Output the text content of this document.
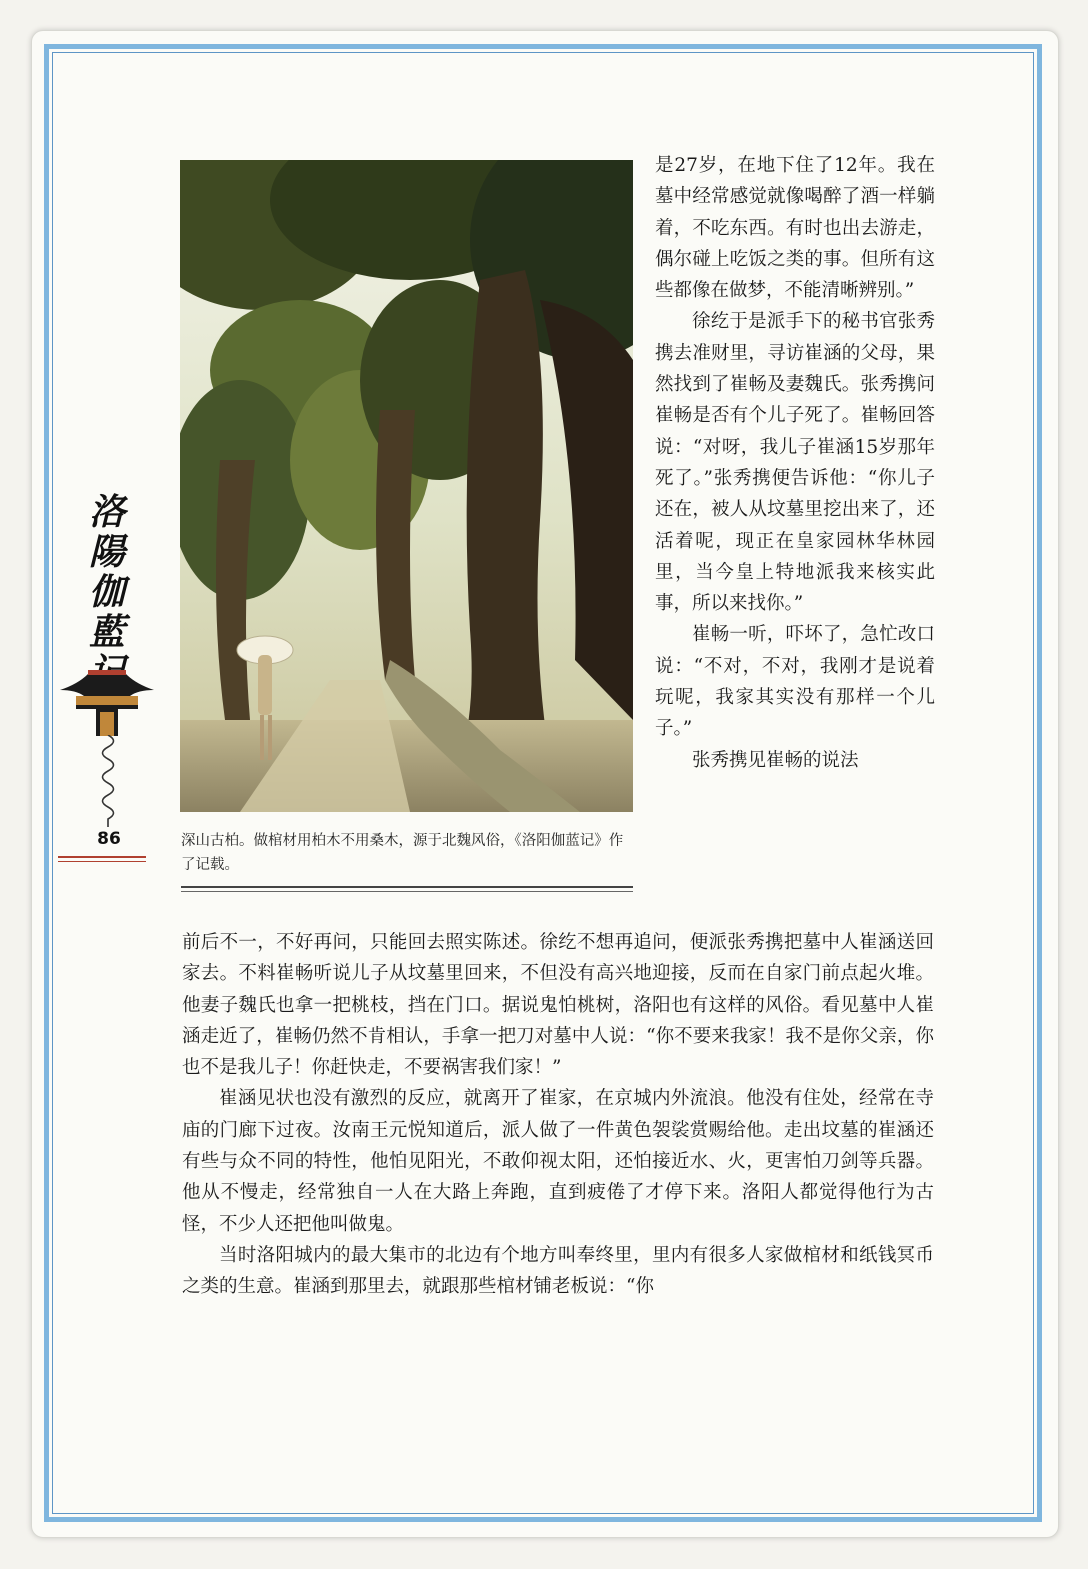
洛
陽
伽
藍
86	深山古柏。做棺材用柏木不用桑木，源于北魏风俗，《洛阳伽蓝记》作了记载。

是27岁，在地下住了12年。我在墓中经常感觉就像喝醉了酒一样躺着，不吃东西。有时也出去游走，偶尔碰上吃饭之类的事。但所有这些都像在做梦，不能清晰辨别。”

徐纥于是派手下的秘书官张秀携去准财里，寻访崔涵的父母，果然找到了崔畅及妻魏氏。张秀携问崔畅是否有个儿子死了。崔畅回答说：“对呀，我儿子崔涵15岁那年死了。”张秀携便告诉他：“你儿子还在，被人从坟墓里挖出来了，还活着呢，现正在皇家园林华林园里，当今皇上特地派我来核实此事，所以来找你。”

崔畅一听，吓坏了，急忙改口说：“不对，不对，我刚才是说着玩呢，我家其实没有那样一个儿子。”

张秀携见崔畅的说法

前后不一，不好再问，只能回去照实陈述。徐纥不想再追问，便派张秀携把墓中人崔涵送回家去。不料崔畅听说儿子从坟墓里回来，不但没有高兴地迎接，反而在自家门前点起火堆。他妻子魏氏也拿一把桃枝，挡在门口。据说鬼怕桃树，洛阳也有这样的风俗。看见墓中人崔涵走近了，崔畅仍然不肯相认，手拿一把刀对墓中人说：“你不要来我家！我不是你父亲，你也不是我儿子！你赶快走，不要祸害我们家！”

崔涵见状也没有激烈的反应，就离开了崔家，在京城内外流浪。他没有住处，经常在寺庙的门廊下过夜。汝南王元悦知道后，派人做了一件黄色袈裟赏赐给他。走出坟墓的崔涵还有些与众不同的特性，他怕见阳光，不敢仰视太阳，还怕接近水、火，更害怕刀剑等兵器。他从不慢走，经常独自一人在大路上奔跑，直到疲倦了才停下来。洛阳人都觉得他行为古怪，不少人还把他叫做鬼。

当时洛阳城内的最大集市的北边有个地方叫奉终里，里内有很多人家做棺材和纸钱冥币之类的生意。崔涵到那里去，就跟那些棺材铺老板说：“你
